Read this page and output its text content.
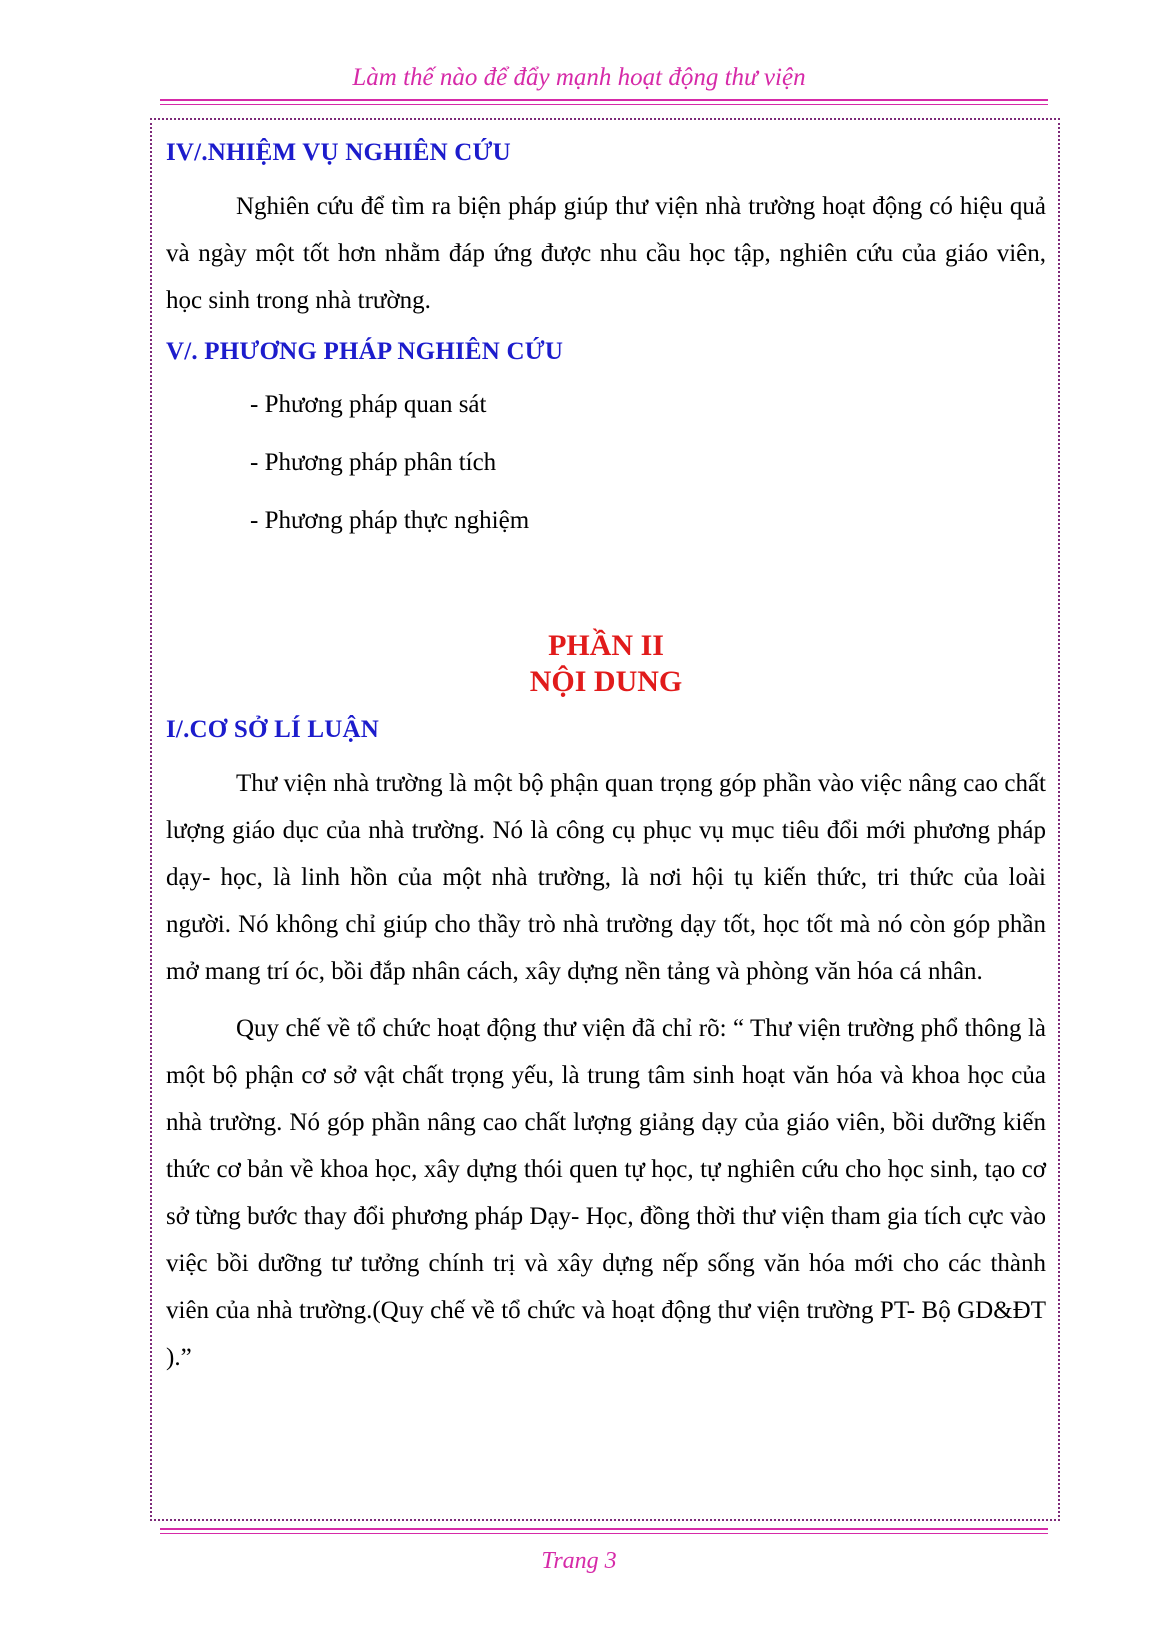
Làm thế nào để đẩy mạnh hoạt động thư viện
IV/.NHIỆM VỤ NGHIÊN CỨU

Nghiên cứu để tìm ra biện pháp giúp thư viện nhà trường hoạt động có hiệu quả và ngày một tốt hơn nhằm đáp ứng được nhu cầu học tập, nghiên cứu của giáo viên, học sinh trong nhà trường.

V/. PHƯƠNG PHÁP NGHIÊN CỨU
- Phương pháp quan sát
- Phương pháp phân tích
- Phương pháp thực nghiệm
PHẦN II
NỘI DUNG
I/.CƠ SỞ LÍ LUẬN

Thư viện nhà trường là một bộ phận quan trọng góp phần vào việc nâng cao chất lượng giáo dục của nhà trường. Nó là công cụ phục vụ mục tiêu đổi mới phương pháp dạy- học, là linh hồn của một nhà trường, là nơi hội tụ kiến thức, tri thức của loài người. Nó không chỉ giúp cho thầy trò nhà trường dạy tốt, học tốt mà nó còn góp phần mở mang trí óc, bồi đắp nhân cách, xây dựng nền tảng và phòng văn hóa cá nhân.

Quy chế về tổ chức hoạt động thư viện đã chỉ rõ: “ Thư viện trường phổ thông là một bộ phận cơ sở vật chất trọng yếu, là trung tâm sinh hoạt văn hóa và khoa học của nhà trường. Nó góp phần nâng cao chất lượng giảng dạy của giáo viên, bồi dưỡng kiến thức cơ bản về khoa học, xây dựng thói quen tự học, tự nghiên cứu cho học sinh, tạo cơ sở từng bước thay đổi phương pháp Dạy- Học, đồng thời thư viện tham gia tích cực vào việc bồi dưỡng tư tưởng chính trị và xây dựng nếp sống văn hóa mới cho các thành viên của nhà trường.(Quy chế về tổ chức và hoạt động thư viện trường PT- Bộ GD&ĐT ).”

Trang 3
